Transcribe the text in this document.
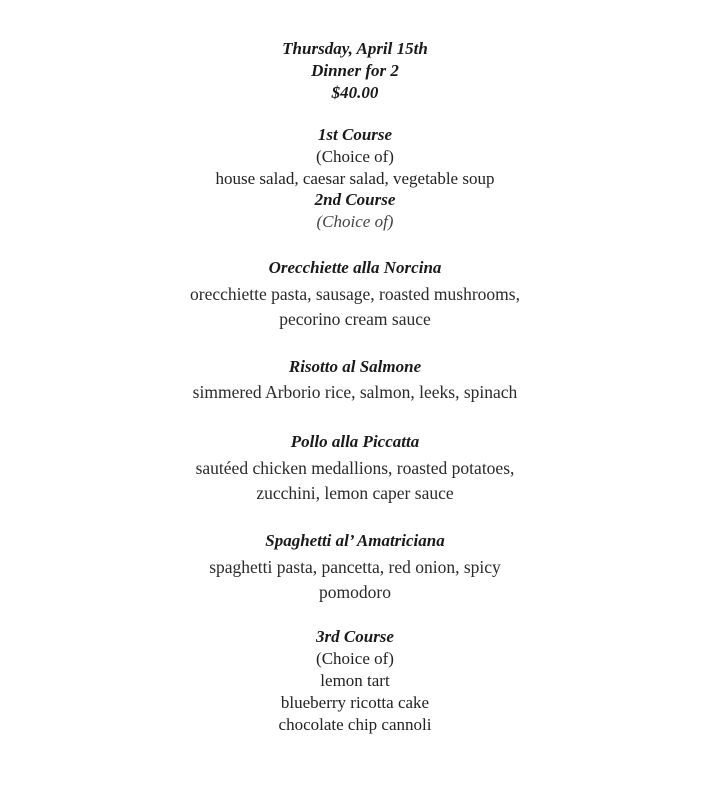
Thursday, April 15th
Dinner for 2
$40.00
1st Course
(Choice of)
house salad, caesar salad, vegetable soup
2nd Course
(Choice of)
Orecchiette alla Norcina
orecchiette pasta, sausage, roasted mushrooms,
pecorino cream sauce
Risotto al Salmone
simmered Arborio rice, salmon, leeks, spinach
Pollo alla Piccatta
sautéed chicken medallions, roasted potatoes,
zucchini, lemon caper sauce
Spaghetti al’ Amatriciana
spaghetti pasta, pancetta, red onion, spicy
pomodoro
3rd Course
(Choice of)
lemon tart
blueberry ricotta cake
chocolate chip cannoli
